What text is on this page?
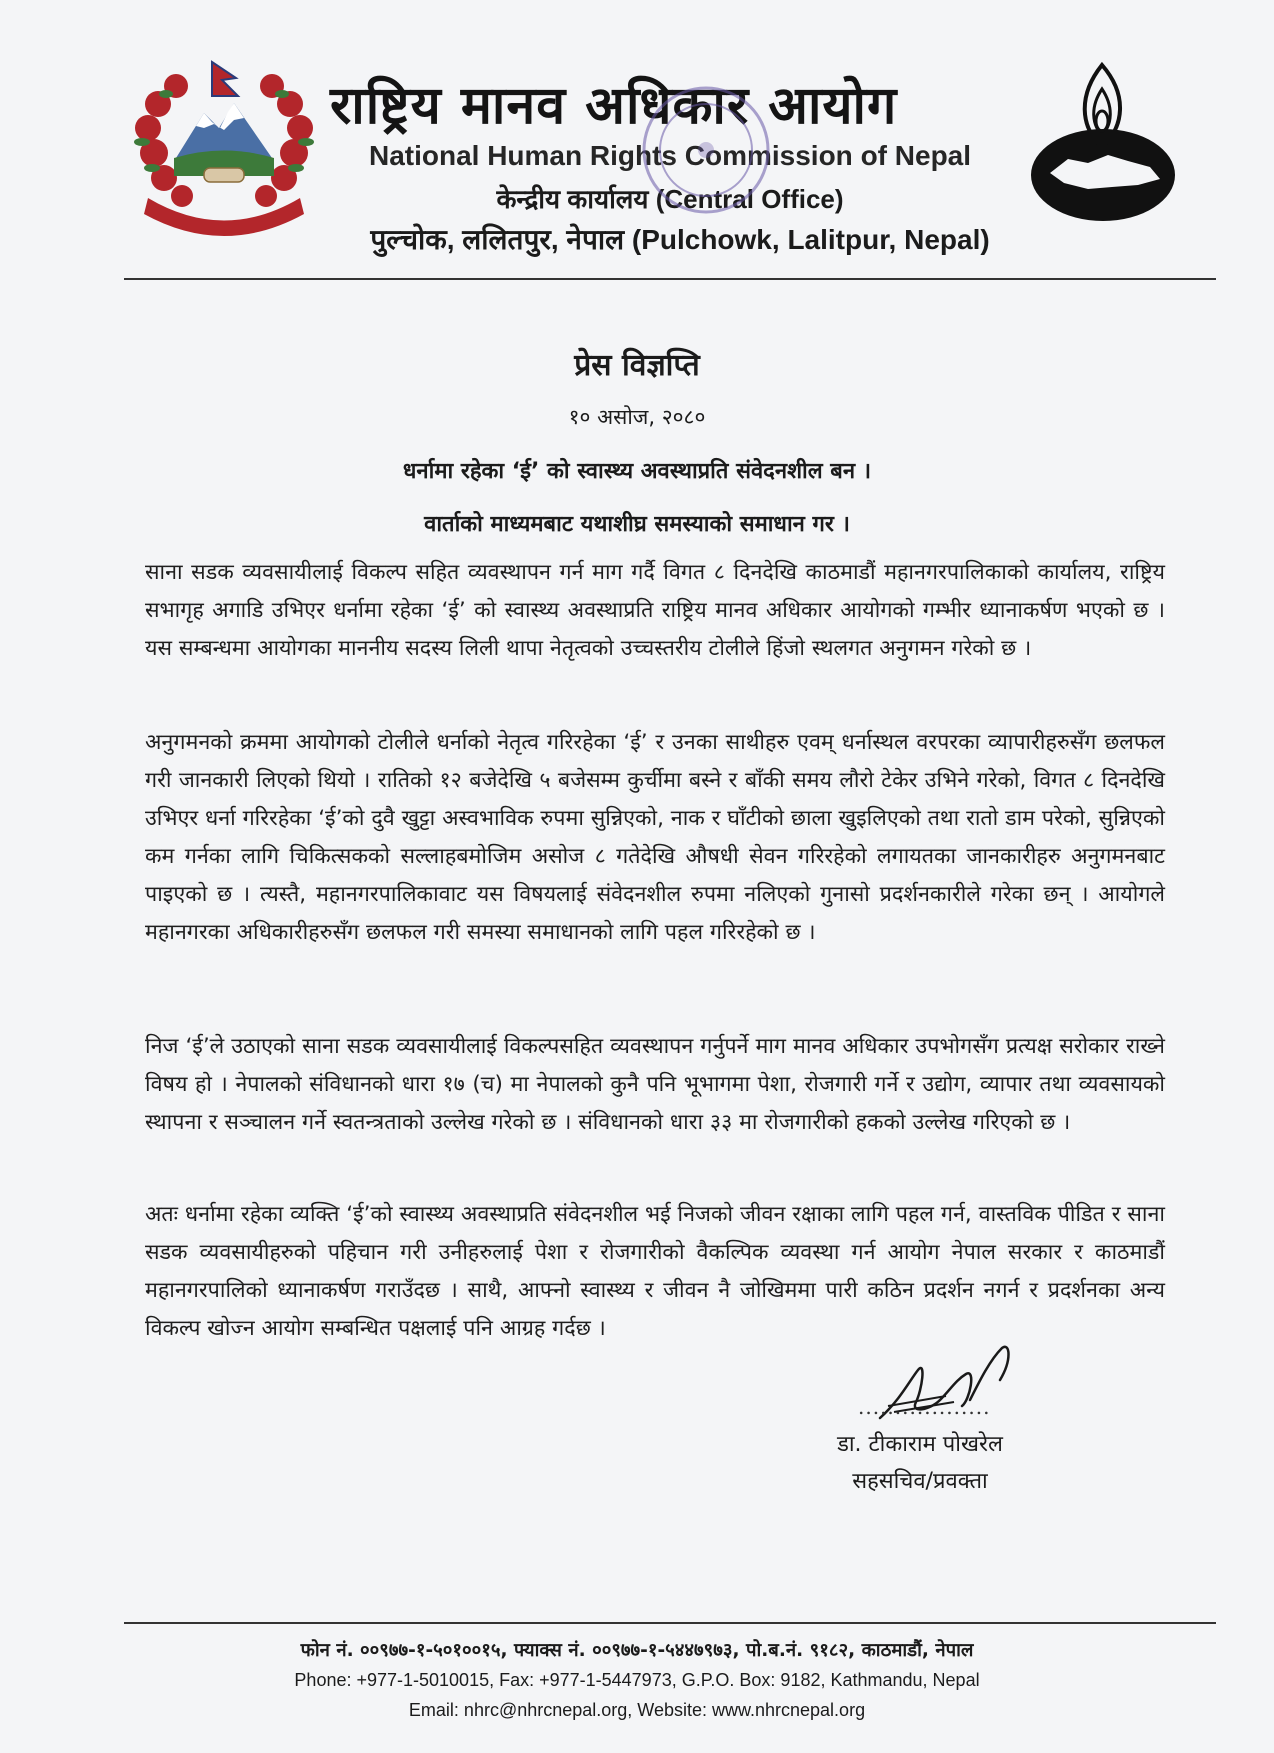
राष्ट्रिय मानव अधिकार आयोग
National Human Rights Commission of Nepal
केन्द्रीय कार्यालय (Central Office)
पुल्चोक, ललितपुर, नेपाल (Pulchowk, Lalitpur, Nepal)
प्रेस विज्ञप्ति
१० असोज, २०८०
धर्नामा रहेका ‘ई’ को स्वास्थ्य अवस्थाप्रति संवेदनशील बन ।
वार्ताको माध्यमबाट यथाशीघ्र समस्याको समाधान गर ।
साना सडक व्यवसायीलाई विकल्प सहित व्यवस्थापन गर्न माग गर्दै विगत ८ दिनदेखि काठमाडौं महानगरपालिकाको कार्यालय, राष्ट्रिय सभागृह अगाडि उभिएर धर्नामा रहेका ‘ई’ को स्वास्थ्य अवस्थाप्रति राष्ट्रिय मानव अधिकार आयोगको गम्भीर ध्यानाकर्षण भएको छ । यस सम्बन्धमा आयोगका माननीय सदस्य लिली थापा नेतृत्वको उच्चस्तरीय टोलीले हिंजो स्थलगत अनुगमन गरेको छ ।
अनुगमनको क्रममा आयोगको टोलीले धर्नाको नेतृत्व गरिरहेका ‘ई’ र उनका साथीहरु एवम् धर्नास्थल वरपरका व्यापारीहरुसँग छलफल गरी जानकारी लिएको थियो । रातिको १२ बजेदेखि ५ बजेसम्म कुर्चीमा बस्ने र बाँकी समय लौरो टेकेर उभिने गरेको, विगत ८ दिनदेखि उभिएर धर्ना गरिरहेका ‘ई’को दुवै खुट्टा अस्वभाविक रुपमा सुन्निएको, नाक र घाँटीको छाला खुइलिएको तथा रातो डाम परेको, सुन्निएको कम गर्नका लागि चिकित्सकको सल्लाहबमोजिम असोज ८ गतेदेखि औषधी सेवन गरिरहेको लगायतका जानकारीहरु अनुगमनबाट पाइएको छ । त्यस्तै, महानगरपालिकावाट यस विषयलाई संवेदनशील रुपमा नलिएको गुनासो प्रदर्शनकारीले गरेका छन् । आयोगले महानगरका अधिकारीहरुसँग छलफल गरी समस्या समाधानको लागि पहल गरिरहेको छ ।
निज ‘ई’ले उठाएको साना सडक व्यवसायीलाई विकल्पसहित व्यवस्थापन गर्नुपर्ने माग मानव अधिकार उपभोगसँग प्रत्यक्ष सरोकार राख्ने विषय हो । नेपालको संविधानको धारा १७ (च) मा नेपालको कुनै पनि भूभागमा पेशा, रोजगारी गर्ने र उद्योग, व्यापार तथा व्यवसायको स्थापना र सञ्चालन गर्ने स्वतन्त्रताको उल्लेख गरेको छ । संविधानको धारा ३३ मा रोजगारीको हकको उल्लेख गरिएको छ ।
अतः धर्नामा रहेका व्यक्ति ‘ई’को स्वास्थ्य अवस्थाप्रति संवेदनशील भई निजको जीवन रक्षाका लागि पहल गर्न, वास्तविक पीडित र साना सडक व्यवसायीहरुको पहिचान गरी उनीहरुलाई पेशा र रोजगारीको वैकल्पिक व्यवस्था गर्न आयोग नेपाल सरकार र काठमाडौं महानगरपालिको ध्यानाकर्षण गराउँदछ । साथै, आफ्नो स्वास्थ्य र जीवन नै जोखिममा पारी कठिन प्रदर्शन नगर्न र प्रदर्शनका अन्य विकल्प खोज्न आयोग सम्बन्धित पक्षलाई पनि आग्रह गर्दछ ।
..................
डा. टीकाराम पोखरेल
सहसचिव/प्रवक्ता
फोन नं. ००९७७-१-५०१००१५, फ्याक्स नं. ००९७७-१-५४४७९७३, पो.ब.नं. ९१८२, काठमाडौं, नेपाल
Phone: +977-1-5010015, Fax: +977-1-5447973, G.P.O. Box: 9182, Kathmandu, Nepal
Email: nhrc@nhrcnepal.org, Website: www.nhrcnepal.org
